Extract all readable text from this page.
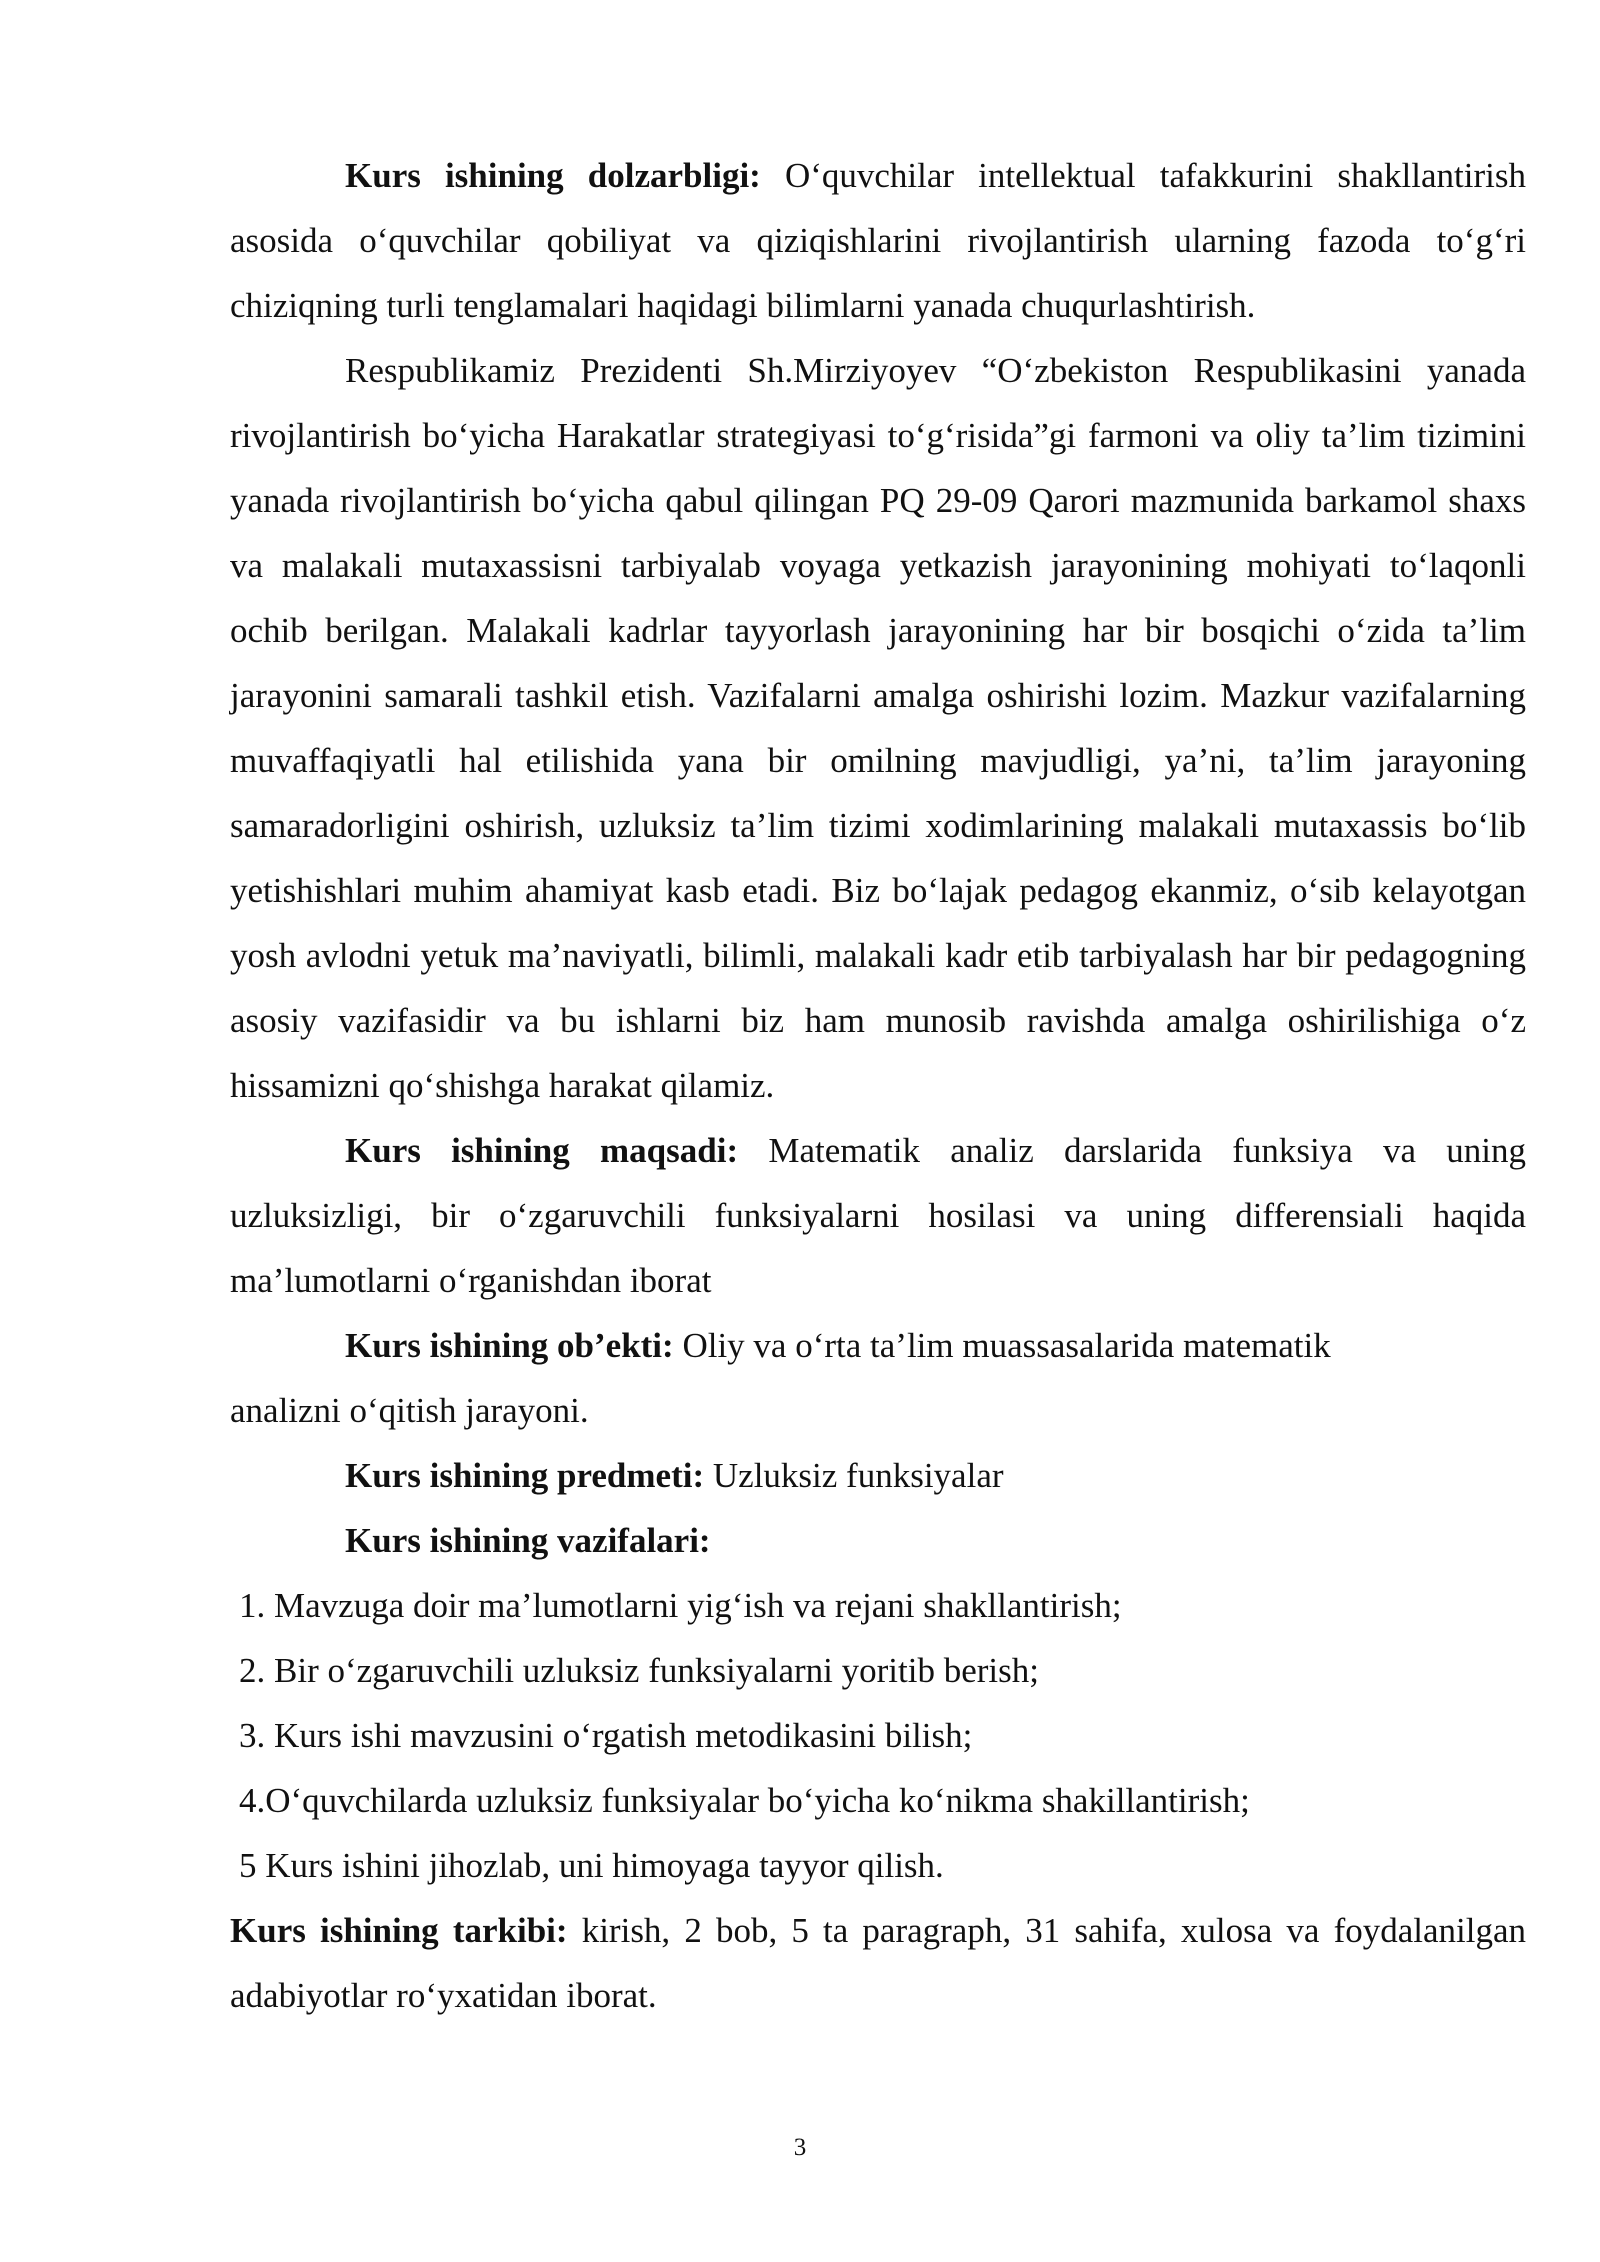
Kurs ishining dolzarbligi: O‘quvchilar intellektual tafakkurini shakllantirish asosida o‘quvchilar qobiliyat va qiziqishlarini rivojlantirish ularning fazoda to‘g‘ri chiziqning turli tenglamalari haqidagi bilimlarni yanada chuqurlashtirish.

Respublikamiz Prezidenti Sh.Mirziyoyev “O‘zbekiston Respublikasini yanada rivojlantirish bo‘yicha Harakatlar strategiyasi to‘g‘risida”gi farmoni va oliy ta’lim tizimini yanada rivojlantirish bo‘yicha qabul qilingan PQ 29-09 Qarori mazmunida barkamol shaxs va malakali mutaxassisni tarbiyalab voyaga yetkazish jarayonining mohiyati to‘laqonli ochib berilgan. Malakali kadrlar tayyorlash jarayonining har bir bosqichi o‘zida ta’lim jarayonini samarali tashkil etish. Vazifalarni amalga oshirishi lozim. Mazkur vazifalarning muvaffaqiyatli hal etilishida yana bir omilning mavjudligi, ya’ni, ta’lim jarayoning samaradorligini oshirish, uzluksiz ta’lim tizimi xodimlarining malakali mutaxassis bo‘lib yetishishlari muhim ahamiyat kasb etadi. Biz bo‘lajak pedagog ekanmiz, o‘sib kelayotgan yosh avlodni yetuk ma’naviyatli, bilimli, malakali kadr etib tarbiyalash har bir pedagogning asosiy vazifasidir va bu ishlarni biz ham munosib ravishda amalga oshirilishiga o‘z hissamizni qo‘shishga harakat qilamiz.

Kurs ishining maqsadi: Matematik analiz darslarida funksiya va uning uzluksizligi, bir o‘zgaruvchili funksiyalarni hosilasi va uning differensiali haqida ma’lumotlarni o‘rganishdan iborat

Kurs ishining ob’ekti: Oliy va o‘rta ta’lim muassasalarida matematik

analizni o‘qitish jarayoni.

Kurs ishining predmeti: Uzluksiz funksiyalar

Kurs ishining vazifalari:

1. Mavzuga doir ma’lumotlarni yig‘ish va rejani shakllantirish;
2. Bir o‘zgaruvchili uzluksiz funksiyalarni yoritib berish;
3. Kurs ishi mavzusini o‘rgatish metodikasini bilish;
4.O‘quvchilarda uzluksiz funksiyalar bo‘yicha ko‘nikma shakillantirish;
5 Kurs ishini jihozlab, uni himoyaga tayyor qilish.

Kurs ishining tarkibi: kirish, 2 bob, 5 ta paragraph, 31 sahifa, xulosa va foydalanilgan adabiyotlar ro‘yxatidan iborat.

3
